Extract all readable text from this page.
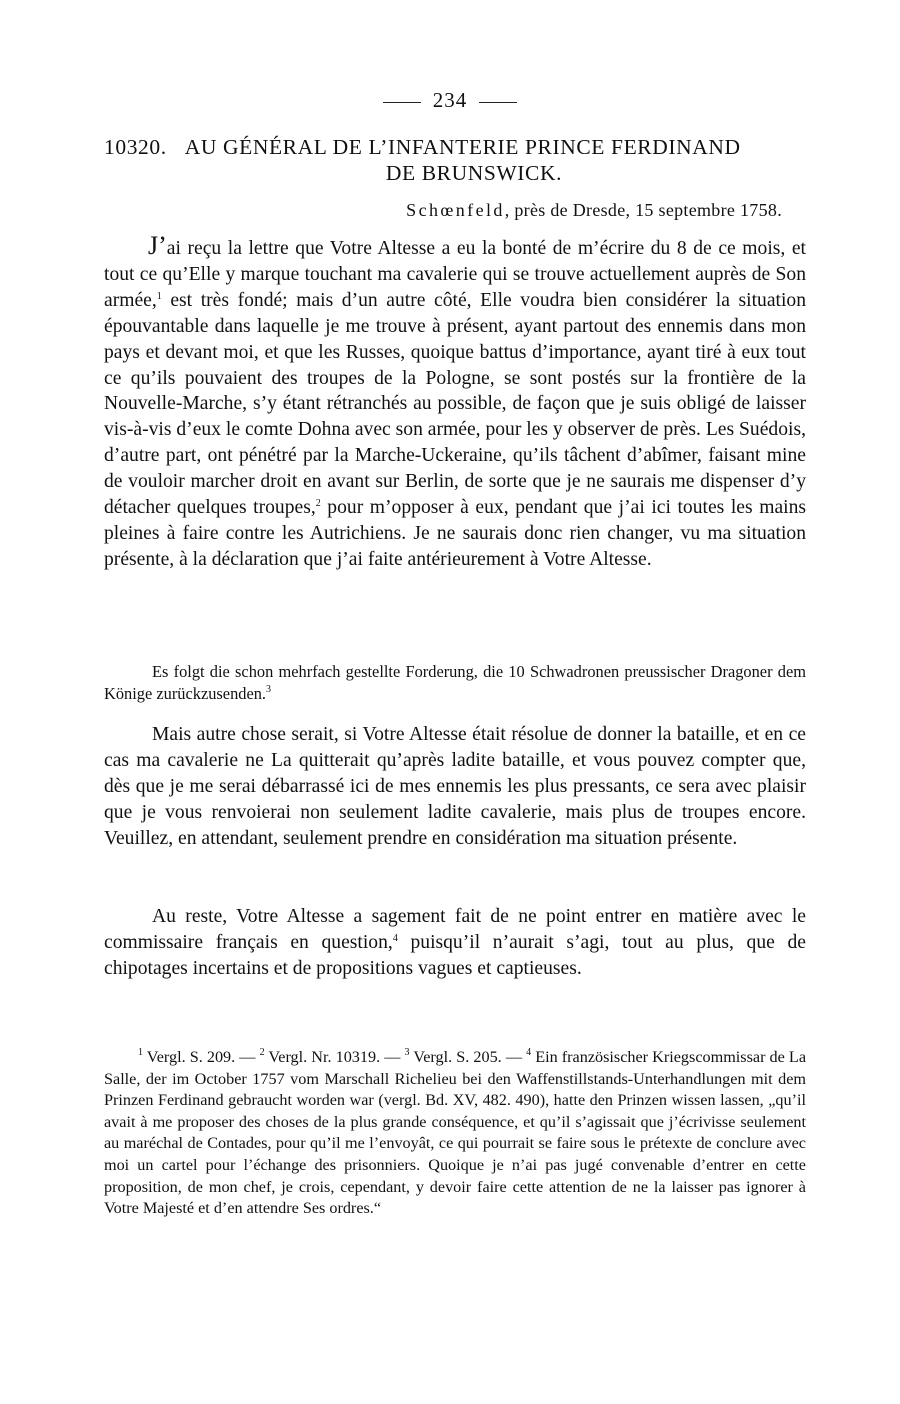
234
10320. AU GÉNÉRAL DE L’INFANTERIE PRINCE FERDINAND
DE BRUNSWICK.
Schœnfeld, près de Dresde, 15 septembre 1758.

J’ai reçu la lettre que Votre Altesse a eu la bonté de m’écrire du 8 de ce mois, et tout ce qu’Elle y marque touchant ma cavalerie qui se trouve actuellement auprès de Son armée,$^1$ est très fondé; mais d’un autre côté, Elle voudra bien considérer la situation épouvantable dans laquelle je me trouve à présent, ayant partout des ennemis dans mon pays et devant moi, et que les Russes, quoique battus d’importance, ayant tiré à eux tout ce qu’ils pouvaient des troupes de la Pologne, se sont postés sur la frontière de la Nouvelle-Marche, s’y étant rétranchés au possible, de façon que je suis obligé de laisser vis-à-vis d’eux le comte Dohna avec son armée, pour les y observer de près. Les Suédois, d’autre part, ont pénétré par la Marche-Uckeraine, qu’ils tâchent d’abîmer, faisant mine de vouloir marcher droit en avant sur Berlin, de sorte que je ne saurais me dispenser d’y détacher quelques troupes,$^2$ pour m’opposer à eux, pendant que j’ai ici toutes les mains pleines à faire contre les Autrichiens. Je ne saurais donc rien changer, vu ma situation présente, à la déclaration que j’ai faite antérieurement à Votre Altesse.

Es folgt die schon mehrfach gestellte Forderung, die 10 Schwadronen preussischer Dragoner dem Könige zurückzusenden.$^3$

Mais autre chose serait, si Votre Altesse était résolue de donner la bataille, et en ce cas ma cavalerie ne La quitterait qu’après ladite bataille, et vous pouvez compter que, dès que je me serai débarrassé ici de mes ennemis les plus pressants, ce sera avec plaisir que je vous renvoierai non seulement ladite cavalerie, mais plus de troupes encore. Veuillez, en attendant, seulement prendre en considération ma situation présente.

Au reste, Votre Altesse a sagement fait de ne point entrer en matière avec le commissaire français en question,$^4$ puisqu’il n’aurait s’agi, tout au plus, que de chipotages incertains et de propositions vagues et captieuses.

$^1$ Vergl. S. 209. — $^2$ Vergl. Nr. 10319. — $^3$ Vergl. S. 205. — $^4$ Ein französischer Kriegscommissar de La Salle, der im October 1757 vom Marschall Richelieu bei den Waffenstillstands-Unterhandlungen mit dem Prinzen Ferdinand gebraucht worden war (vergl. Bd. XV, 482. 490), hatte den Prinzen wissen lassen, „qu’il avait à me proposer des choses de la plus grande conséquence, et qu’il s’agissait que j’écrivisse seulement au maréchal de Contades, pour qu’il me l’envoyât, ce qui pourrait se faire sous le prétexte de conclure avec moi un cartel pour l’échange des prisonniers. Quoique je n’ai pas jugé convenable d’entrer en cette proposition, de mon chef, je crois, cependant, y devoir faire cette attention de ne la laisser pas ignorer à Votre Majesté et d’en attendre Ses ordres.“
